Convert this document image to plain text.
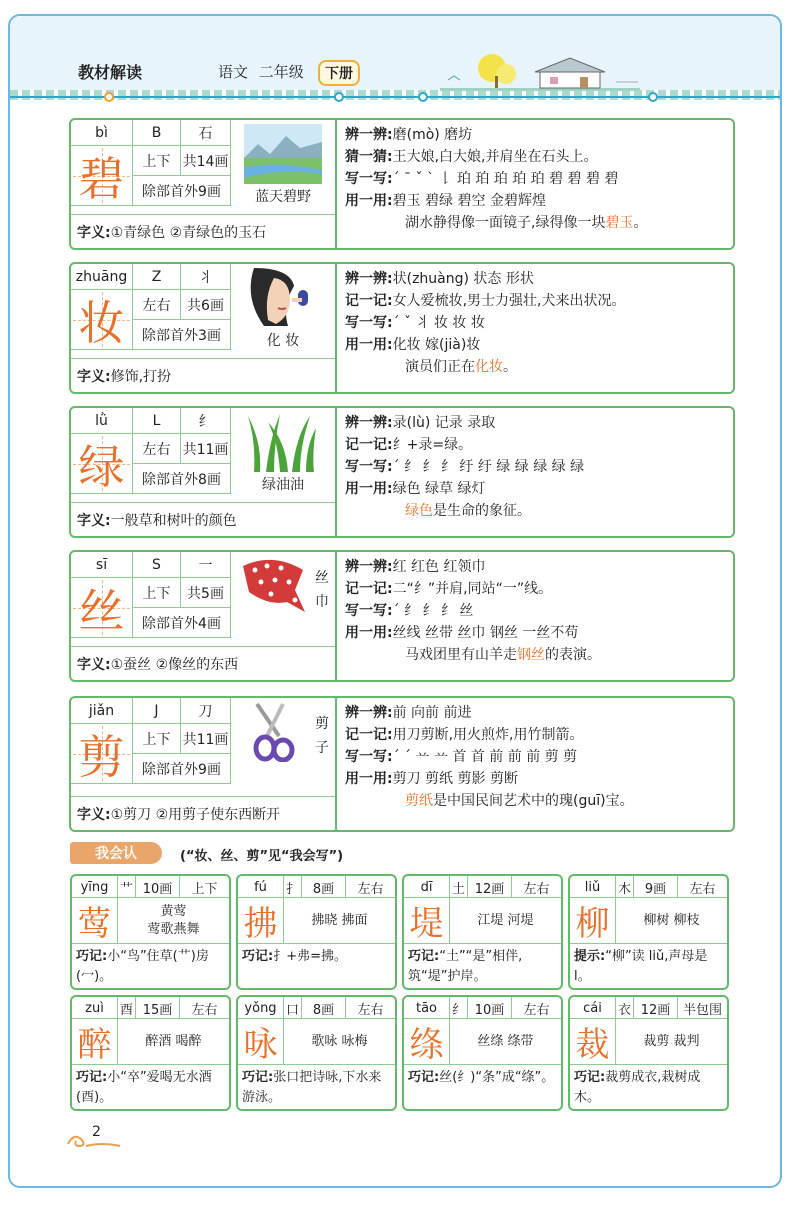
教材解读	语文 二年级	下册
bì	B	石
碧	上下 共14画
除部首外9画	蓝天碧野
字义:①青绿色 ②青绿色的玉石
辨一辨:磨(mò) 磨坊
猜一猜:王大娘,白大娘,并肩坐在石头上。
写一写:ˊ ˉ ˇ ˋ 𠄌 珀 珀 珀 珀 珀 碧 碧 碧 碧
用一用:碧玉 碧绿 碧空 金碧辉煌
湖水静得像一面镜子,绿得像一块碧玉。
zhuāng	Z	丬
妆	左右	共6画
除部首外3画	化 妆
字义:修饰,打扮
辨一辨:状(zhuàng) 状态 形状
记一记:女人爱梳妆,男士力强壮,犬来出状况。
写一写:ˊ ˇ 丬 妆 妆 妆
用一用:化妆 嫁(jià)妆
演员们正在化妆。
lǜ	L	纟
绿	左右 共11画
除部首外8画	绿油油
字义:一般草和树叶的颜色
辨一辨:录(lù) 记录 录取
记一记:纟+录=绿。
写一写:ˊ 纟 纟 纟 纡 纡 绿 绿 绿 绿 绿
用一用:绿色 绿草 绿灯
绿色是生命的象征。
sī	S	一
丝	上下	共5画
除部首外4画
丝巾
字义:①蚕丝 ②像丝的东西
辨一辨:红 红色 红领巾
记一记:二“纟”并肩,同站“一”线。
写一写:ˊ 纟 纟 纟 丝
用一用:丝线 丝带 丝巾 钢丝 一丝不苟
马戏团里有山羊走钢丝的表演。
jiǎn	J	刀
剪	上下 共11画
除部首外9画
剪子
字义:①剪刀 ②用剪子使东西断开
辨一辨:前 向前 前进
记一记:用刀剪断,用火煎炸,用竹制箭。
写一写:ˊ ˊ 䒑 䒑 首 首 前 前 前 剪 剪
用一用:剪刀 剪纸 剪影 剪断
剪纸是中国民间艺术中的瑰(guī)宝。
我会认	(“妆、丝、剪”见“我会写”)
yīng 艹 10画	上下
莺	黄莺
莺歌燕舞
巧记:小“鸟”住草(艹)房(冖)。
fú	扌	8画	左右
拂	拂晓 拂面
巧记:扌+弗=拂。
dī	土 12画	左右
堤	江堤 河堤
巧记:“土”“是”相伴,筑“堤”护岸。
liǔ	木	9画	左右
柳	柳树 柳枝
提示:“柳”读 liǔ,声母是 l。
zuì	酉 15画	左右
醉	醉酒 喝醉
巧记:小“卒”爱喝无水酒(酉)。
yǒng 口	8画	左右
咏	歌咏 咏梅
巧记:张口把诗咏,下水来游泳。
tāo	纟 10画	左右
绦	丝绦 绦带
巧记:丝(纟)“条”成“绦”。
cái	衣 12画 半包围
裁	裁剪 裁判
巧记:裁剪成衣,栽树成木。
2
